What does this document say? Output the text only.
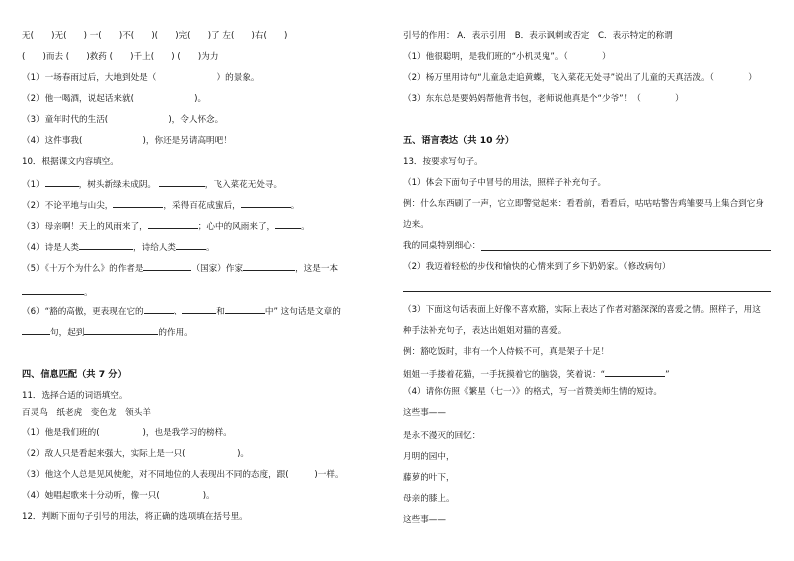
无(　　)无(　　) 一(　　)不(　　)(　　)完(　　)了 左(　　)右(　　)
(　　)而去 (　　)救药 (　　)千上(　　) (　　)为力
（1）一场春雨过后，大地到处是（　　　　　　　）的景象。
（2）他一喝酒，说起话来就(　　　　　　　)。
（3）童年时代的生活(　　　　　　　)，令人怀念。
（4）这件事我(　　　　　　　)，你还是另请高明吧！
10．根据课文内容填空。
（1）	，树头新绿未成阴。	，飞入菜花无处寻。
（2）不论平地与山尖，	，采得百花成蜜后，	。
（3）母亲啊！天上的风雨来了，	；心中的风雨来了，	。
（4）诗是人类	，诗给人类	。
（5）《十万个为什么》的作者是	（国家）作家	，这是一本
。
（6）“豁的高傲，更表现在它的	、	和	中” 这句话是文章的
句，起到	的作用。
四、信息匹配（共 7 分）
11．选择合适的词语填空。
百灵鸟　纸老虎　变色龙　领头羊
（1）他是我们班的(　　　　　)，也是我学习的榜样。
（2）敌人只是看起来强大，实际上是一只(　　　　　　)。
（3）他这个人总是见风使舵，对不同地位的人表现出不同的态度，跟(　　　)一样。
（4）她唱起歌来十分动听，像一只(　　　　　)。
12．判断下面句子引号的用法，将正确的选项填在括号里。
引号的作用： A．表示引用　B．表示讽刺或否定　C．表示特定的称谓
（1）他很聪明，是我们班的“小机灵鬼”。（　　　　）
（2）杨万里用诗句“儿童急走追黄蝶，飞入菜花无处寻”说出了儿童的天真活泼。（　　　　）
（3）东东总是要妈妈帮他背书包，老师说他真是个“少爷”！（　　　　）
五、语言表达（共 10 分）
13．按要求写句子。
（1）体会下面句子中冒号的用法，照样子补充句子。
例：什么东西刷了一声，它立即警觉起来：看看前，看看后，咕咕咕警告鸡雏要马上集合到它身
边来。
我的同桌特别细心：
（2）我迈着轻松的步伐和愉快的心情来到了乡下奶奶家。（修改病句）
（3）下面这句话表面上好像不喜欢豁，实际上表达了作者对豁深深的喜爱之情。照样子，用这
种手法补充句子，表达出姐姐对猫的喜爱。
例：豁吃饭时，非有一个人侍候不可，真是架子十足！
姐姐一手搂着花猫，一手抚摸着它的脑袋，笑着说：“	”
（4）请你仿照《繁星（七一）》的格式，写一首赞美师生情的短诗。
这些事——
是永不漫灭的回忆：
月明的园中，
藤萝的叶下，
母亲的膝上。
这些事——
